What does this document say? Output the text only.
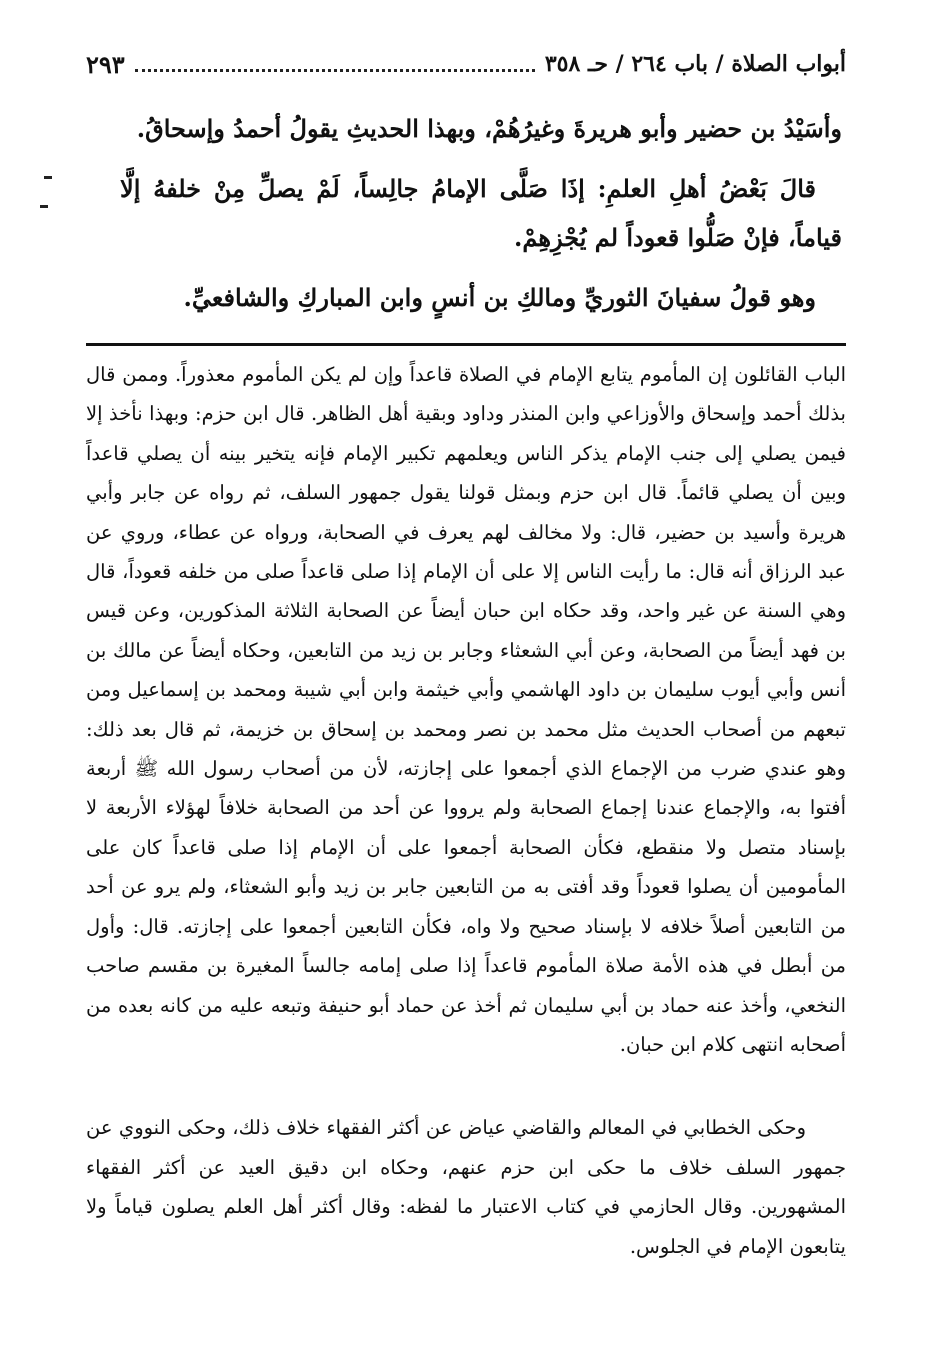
أبواب الصلاة / باب ٢٦٤ / حـ ٣٥٨
٢٩٣

وأسَيْدُ بن حضير وأبو هريرةَ وغيرُهُمْ، وبهذا الحديثِ يقولُ أحمدُ وإسحاقُ.

قالَ بَعْضُ أهلِ العلمِ: إذَا صَلَّى الإمامُ جالِساً، لَمْ يصلِّ مِنْ خلفهُ إلَّا قياماً، فإنْ صَلُّوا قعوداً لم يُجْزِهِمْ.

وهو قولُ سفيانَ الثوريِّ ومالكِ بن أنسٍ وابن المباركِ والشافعيِّ.

الباب القائلون إن المأموم يتابع الإمام في الصلاة قاعداً وإن لم يكن المأموم معذوراً. وممن قال بذلك أحمد وإسحاق والأوزاعي وابن المنذر وداود وبقية أهل الظاهر. قال ابن حزم: وبهذا نأخذ إلا فيمن يصلي إلى جنب الإمام يذكر الناس ويعلمهم تكبير الإمام فإنه يتخير بينه أن يصلي قاعداً وبين أن يصلي قائماً. قال ابن حزم وبمثل قولنا يقول جمهور السلف، ثم رواه عن جابر وأبي هريرة وأسيد بن حضير، قال: ولا مخالف لهم يعرف في الصحابة، ورواه عن عطاء، وروي عن عبد الرزاق أنه قال: ما رأيت الناس إلا على أن الإمام إذا صلى قاعداً صلى من خلفه قعوداً، قال وهي السنة عن غير واحد، وقد حكاه ابن حبان أيضاً عن الصحابة الثلاثة المذكورين، وعن قيس بن فهد أيضاً من الصحابة، وعن أبي الشعثاء وجابر بن زيد من التابعين، وحكاه أيضاً عن مالك بن أنس وأبي أيوب سليمان بن داود الهاشمي وأبي خيثمة وابن أبي شيبة ومحمد بن إسماعيل ومن تبعهم من أصحاب الحديث مثل محمد بن نصر ومحمد بن إسحاق بن خزيمة، ثم قال بعد ذلك: وهو عندي ضرب من الإجماع الذي أجمعوا على إجازته، لأن من أصحاب رسول الله ﷺ أربعة أفتوا به، والإجماع عندنا إجماع الصحابة ولم يرووا عن أحد من الصحابة خلافاً لهؤلاء الأربعة لا بإسناد متصل ولا منقطع، فكأن الصحابة أجمعوا على أن الإمام إذا صلى قاعداً كان على المأمومين أن يصلوا قعوداً وقد أفتى به من التابعين جابر بن زيد وأبو الشعثاء، ولم يرو عن أحد من التابعين أصلاً خلافه لا بإسناد صحيح ولا واه، فكأن التابعين أجمعوا على إجازته. قال: وأول من أبطل في هذه الأمة صلاة المأموم قاعداً إذا صلى إمامه جالساً المغيرة بن مقسم صاحب النخعي، وأخذ عنه حماد بن أبي سليمان ثم أخذ عن حماد أبو حنيفة وتبعه عليه من كانه بعده من أصحابه انتهى كلام ابن حبان.

وحكى الخطابي في المعالم والقاضي عياض عن أكثر الفقهاء خلاف ذلك، وحكى النووي عن جمهور السلف خلاف ما حكى ابن حزم عنهم، وحكاه ابن دقيق العيد عن أكثر الفقهاء المشهورين. وقال الحازمي في كتاب الاعتبار ما لفظه: وقال أكثر أهل العلم يصلون قياماً ولا يتابعون الإمام في الجلوس.
